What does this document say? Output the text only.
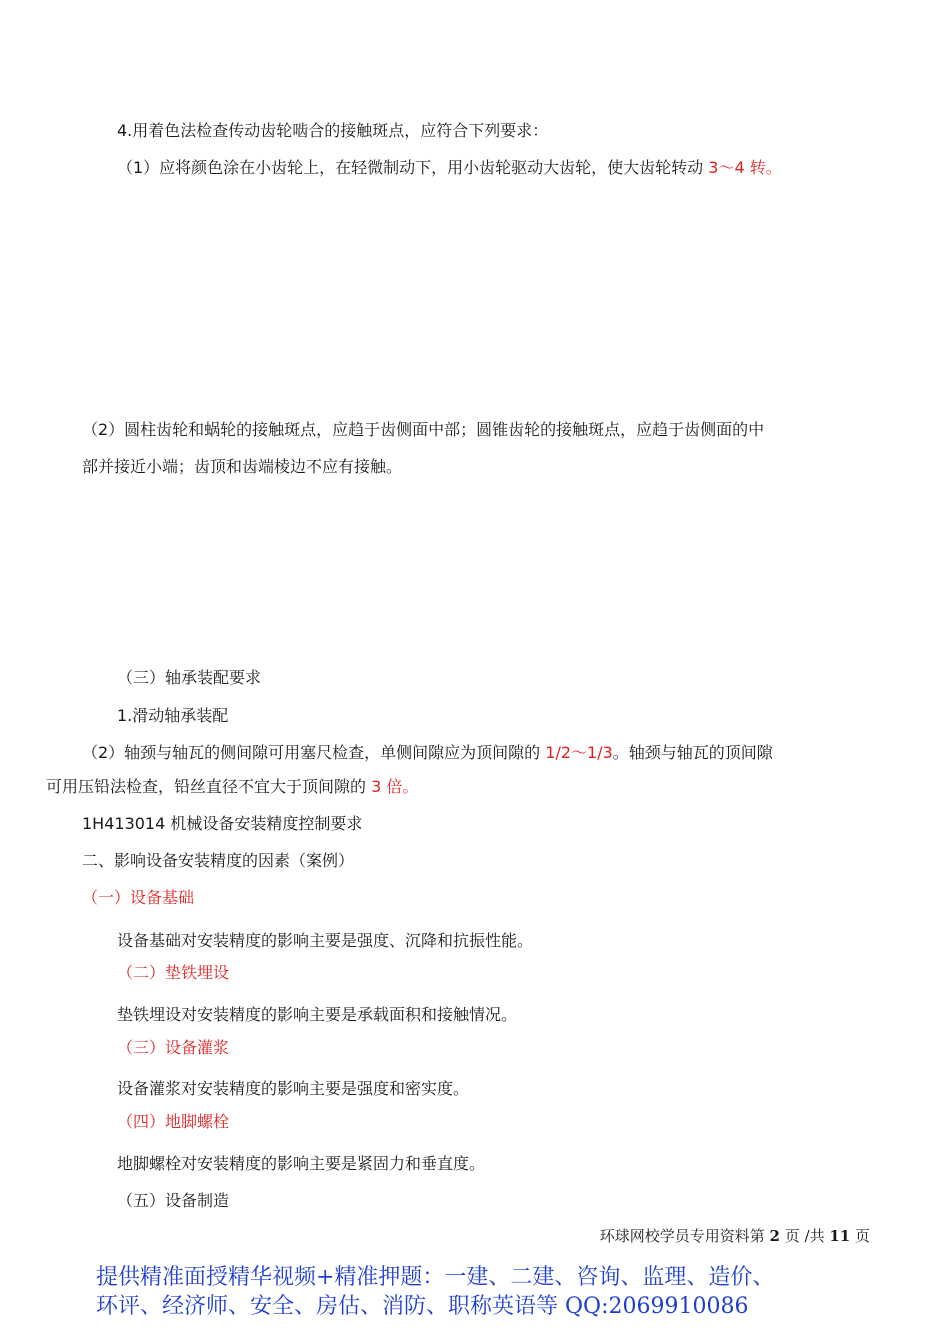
4.用着色法检查传动齿轮啮合的接触斑点，应符合下列要求：
（1）应将颜色涂在小齿轮上，在轻微制动下，用小齿轮驱动大齿轮，使大齿轮转动 3～4 转。
（2）圆柱齿轮和蜗轮的接触斑点，应趋于齿侧面中部；圆锥齿轮的接触斑点，应趋于齿侧面的中
部并接近小端；齿顶和齿端棱边不应有接触。
（三）轴承装配要求
1.滑动轴承装配
（2）轴颈与轴瓦的侧间隙可用塞尺检查，单侧间隙应为顶间隙的 1/2～1/3。轴颈与轴瓦的顶间隙
可用压铅法检查，铅丝直径不宜大于顶间隙的 3 倍。
1H413014 机械设备安装精度控制要求
二、影响设备安装精度的因素（案例）
（一）设备基础
设备基础对安装精度的影响主要是强度、沉降和抗振性能。
（二）垫铁埋设
垫铁埋设对安装精度的影响主要是承载面积和接触情况。
（三）设备灌浆
设备灌浆对安装精度的影响主要是强度和密实度。
（四）地脚螺栓
地脚螺栓对安装精度的影响主要是紧固力和垂直度。
（五）设备制造
环球网校学员专用资料第 2 页 /共 11 页
提供精准面授精华视频+精准押题：一建、二建、咨询、监理、造价、
环评、经济师、安全、房估、消防、职称英语等 QQ:2069910086
